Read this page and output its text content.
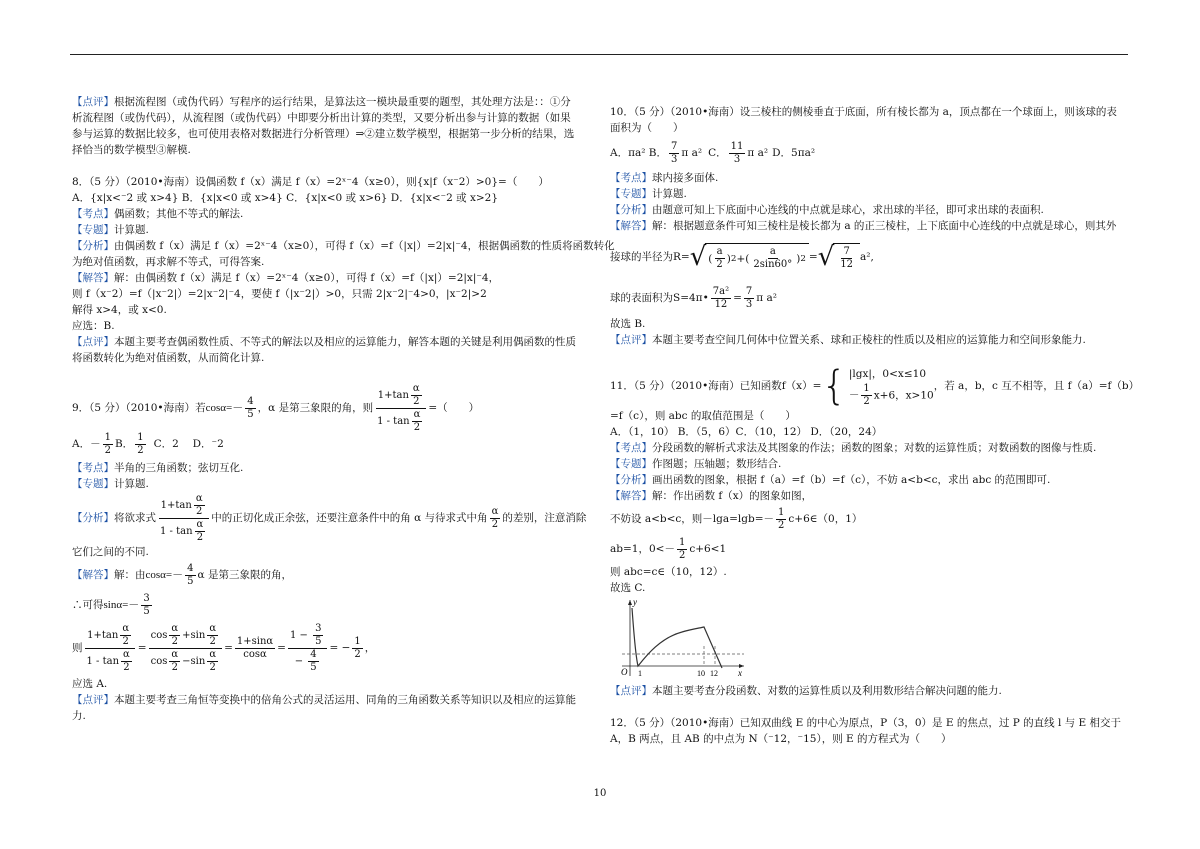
【点评】根据流程图（或伪代码）写程序的运行结果，是算法这一模块最重要的题型，其处理方法是：：①分

析流程图（或伪代码），从流程图（或伪代码）中即要分析出计算的类型，又要分析出参与计算的数据（如果

参与运算的数据比较多，也可使用表格对数据进行分析管理）⇒②建立数学模型，根据第一步分析的结果，选

择恰当的数学模型③解模.

8．（5 分）（2010•海南）设偶函数 f（x）满足 f（x）=2ˣ⁻4（x≥0），则{x|f（x⁻2）>0}=（　　）

A．{x|x<⁻2 或 x>4} B．{x|x<0 或 x>4} C．{x|x<0 或 x>6} D．{x|x<⁻2 或 x>2}

【考点】偶函数；其他不等式的解法.

【专题】计算题.

【分析】由偶函数 f（x）满足 f（x）=2ˣ⁻4（x≥0），可得 f（x）=f（|x|）=2|x|⁻4，根据偶函数的性质将函数转化

为绝对值函数，再求解不等式，可得答案.

【解答】解：由偶函数 f（x）满足 f（x）=2ˣ⁻4（x≥0），可得 f（x）=f（|x|）=2|x|⁻4，

则 f（x⁻2）=f（|x⁻2|）=2|x⁻2|⁻4，要使 f（|x⁻2|）>0，只需 2|x⁻2|⁻4>0，|x⁻2|>2

解得 x>4，或 x<0.

应选：B.

【点评】本题主要考查偶函数性质、不等式的解法以及相应的运算能力，解答本题的关键是利用偶函数的性质

将函数转化为绝对值函数，从而简化计算.

9．（5 分）（2010•海南）若 $\cos\alpha=- \frac{4}{5}$ ，α 是第三象限的角，则 $\frac{1+\tan \frac{\alpha}{2}}{1 - \tan \frac{\alpha}{2}}$ =（　　）
A．－ $\frac{1}{2}$ B． $\frac{1}{2}$ C．2　 D．⁻2

【考点】半角的三角函数；弦切互化.

【专题】计算题.

【分析】 将欲求式 $\frac{1+\tan \frac{\alpha}{2}}{1 - \tan \frac{\alpha}{2}}$ 中的正切化成正余弦，还要注意条件中的角 α 与待求式中角 $\frac{\alpha}{2}$ 的差别，注意消除

它们之间的不同.

【解答】 解：由 $\cos\alpha=- \frac{4}{5}$ α 是第三象限的角，
∴可得 $\sin\alpha=- \frac{3}{5}$
则 $\frac{1+\tan \frac{\alpha}{2}}{1 - \tan \frac{\alpha}{2}} = \frac{\cos \frac{\alpha}{2} +\sin \frac{\alpha}{2}}{\cos \frac{\alpha}{2} -\sin \frac{\alpha}{2}} = \frac{1+\sin\alpha}{\cos\alpha} = \frac{1 - \frac{3}{5}}{- \frac{4}{5}}$ = − $\frac{1}{2}$ ，

应选 A.

【点评】本题主要考查三角恒等变换中的倍角公式的灵活运用、同角的三角函数关系等知识以及相应的运算能

力.

10．（5 分）（2010•海南）设三棱柱的侧棱垂直于底面，所有棱长都为 a，顶点都在一个球面上，则该球的表

面积为（　　）

A．πa² B． $\frac{7}{3}$ π a² C． $\frac{11}{3}$ π a² D．5πa²

【考点】球内接多面体.

【专题】计算题.

【分析】由题意可知上下底面中心连线的中点就是球心，求出球的半径，即可求出球的表面积.

【解答】解：根据题意条件可知三棱柱是棱长都为 a 的正三棱柱，上下底面中心连线的中点就是球心，则其外

接球的半径为 R= √ ( $\frac{a}{2}$ ) 2 +( $\frac{a}{2\sin 60^\circ}$ ) 2 = √ $\frac{7}{12} a^2$,
球的表面积为 S=4π• $\frac{\text{7a²}}{12} = \frac{7}{3}$ π a²

故选 B.

【点评】本题主要考查空间几何体中位置关系、球和正棱柱的性质以及相应的运算能力和空间形象能力.

11．（5 分）（2010•海南）已知函数 f（x）= { |lgx|，0<x≤10
－ $\frac{1}{2} x+6$，x>10
，若 a，b，c 互不相等，且 f（a）=f（b）

=f（c），则 abc 的取值范围是（　　）

A．（1，10） B．（5，6）C．（10，12） D．（20，24）

【考点】分段函数的解析式求法及其图象的作法；函数的图象；对数的运算性质；对数函数的图像与性质.

【专题】作图题；压轴题；数形结合.

【分析】画出函数的图象，根据 f（a）=f（b）=f（c），不妨 a<b<c，求出 abc 的范围即可.

【解答】解：作出函数 f（x）的图象如图，

不妨设 a<b<c，则$-\lg a=\lg b=- \frac{1}{2}$ c+6∈（0，1）
ab=1，$0<- \frac{1}{2} c+6<1$

则 abc=c∈（10，12）.

故选 C.

y
x
O 1	10 12

【点评】本题主要考查分段函数、对数的运算性质以及利用数形结合解决问题的能力.

12．（5 分）（2010•海南）已知双曲线 E 的中心为原点，P（3，0）是 E 的焦点，过 P 的直线 l 与 E 相交于

A，B 两点，且 AB 的中点为 N（⁻12，⁻15），则 E 的方程式为（　　）

10
